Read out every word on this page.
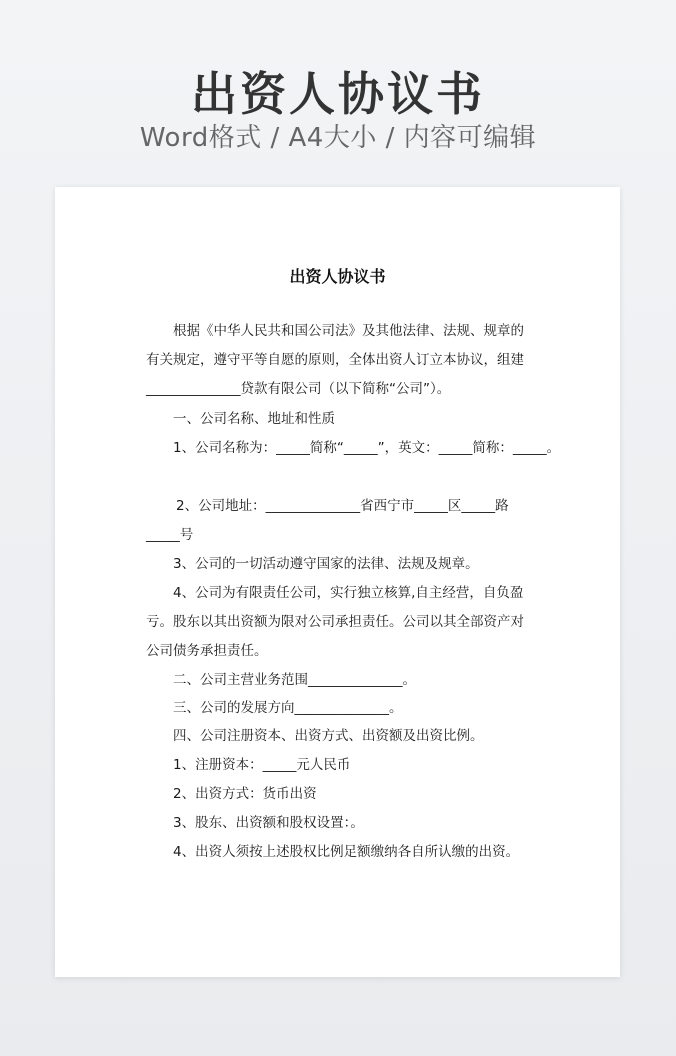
出资人协议书
Word格式 / A4大小 / 内容可编辑
出资人协议书
根据《中华人民共和国公司法》及其他法律、法规、规章的
有关规定，遵守平等自愿的原则，全体出资人订立本协议，组建
______________贷款有限公司（以下简称“公司”）。
一、公司名称、地址和性质
1、公司名称为：_____简称“_____”，英文：_____简称：_____。
2、公司地址：______________省西宁市_____区_____路
_____号
3、公司的一切活动遵守国家的法律、法规及规章。
4、公司为有限责任公司，实行独立核算,自主经营，自负盈
亏。股东以其出资额为限对公司承担责任。公司以其全部资产对
公司债务承担责任。
二、公司主营业务范围______________。
三、公司的发展方向______________。
四、公司注册资本、出资方式、出资额及出资比例。
1、注册资本：_____元人民币
2、出资方式：货币出资
3、股东、出资额和股权设置：。
4、出资人须按上述股权比例足额缴纳各自所认缴的出资。
